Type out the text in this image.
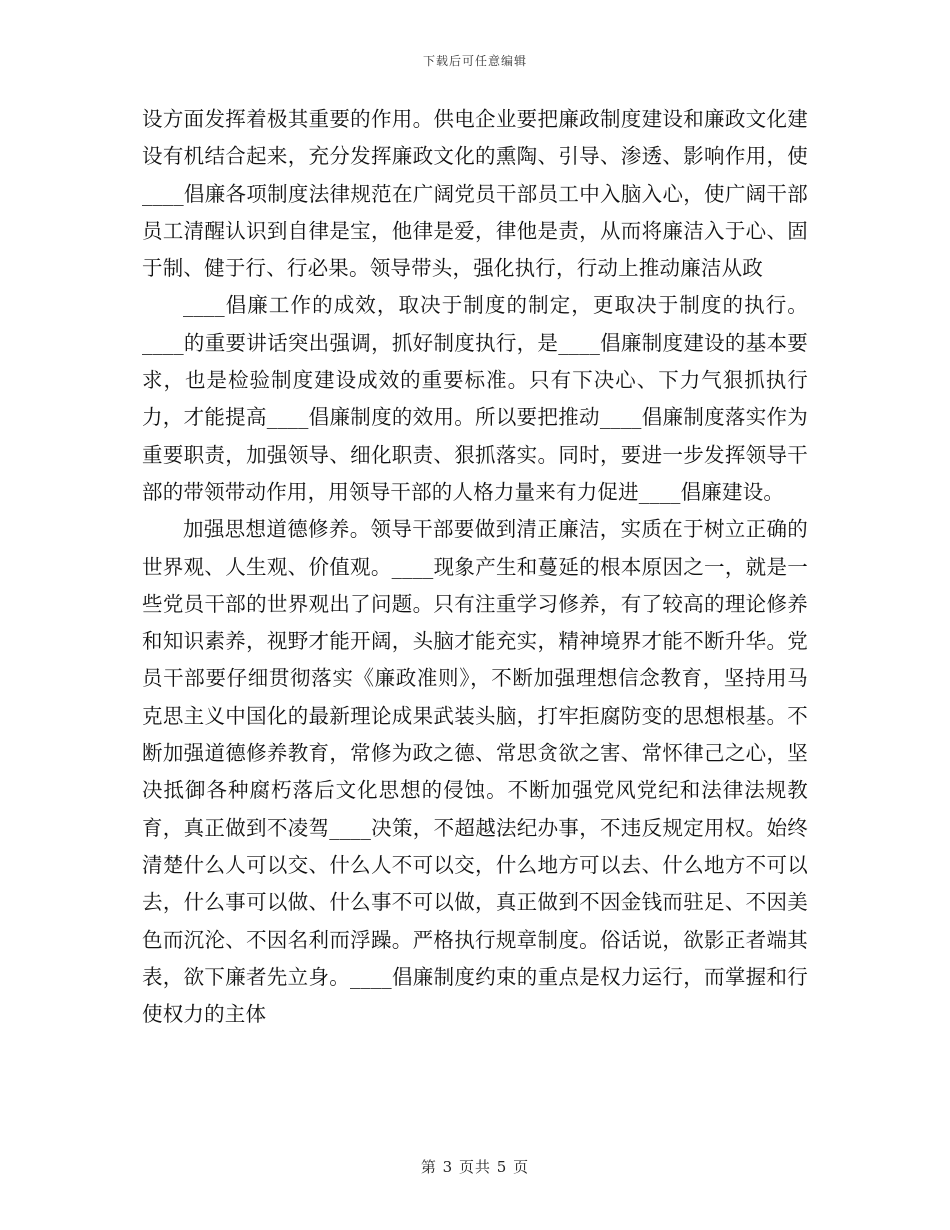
下载后可任意编辑

设方面发挥着极其重要的作用。供电企业要把廉政制度建设和廉政文化建设有机结合起来，充分发挥廉政文化的熏陶、引导、渗透、影响作用，使____倡廉各项制度法律规范在广阔党员干部员工中入脑入心，使广阔干部员工清醒认识到自律是宝，他律是爱，律他是责，从而将廉洁入于心、固于制、健于行、行必果。领导带头，强化执行，行动上推动廉洁从政

____倡廉工作的成效，取决于制度的制定，更取决于制度的执行。____的重要讲话突出强调，抓好制度执行，是____倡廉制度建设的基本要求，也是检验制度建设成效的重要标准。只有下决心、下力气狠抓执行力，才能提高____倡廉制度的效用。所以要把推动____倡廉制度落实作为重要职责，加强领导、细化职责、狠抓落实。同时，要进一步发挥领导干部的带领带动作用，用领导干部的人格力量来有力促进____倡廉建设。

加强思想道德修养。领导干部要做到清正廉洁，实质在于树立正确的世界观、人生观、价值观。____现象产生和蔓延的根本原因之一，就是一些党员干部的世界观出了问题。只有注重学习修养，有了较高的理论修养和知识素养，视野才能开阔，头脑才能充实，精神境界才能不断升华。党员干部要仔细贯彻落实《廉政准则》，不断加强理想信念教育，坚持用马克思主义中国化的最新理论成果武装头脑，打牢拒腐防变的思想根基。不断加强道德修养教育，常修为政之德、常思贪欲之害、常怀律己之心，坚决抵御各种腐朽落后文化思想的侵蚀。不断加强党风党纪和法律法规教育，真正做到不凌驾____决策，不超越法纪办事，不违反规定用权。始终清楚什么人可以交、什么人不可以交，什么地方可以去、什么地方不可以去，什么事可以做、什么事不可以做，真正做到不因金钱而驻足、不因美色而沉沦、不因名利而浮躁。严格执行规章制度。俗话说，欲影正者端其表，欲下廉者先立身。____倡廉制度约束的重点是权力运行，而掌握和行使权力的主体

第 3 页共 5 页
